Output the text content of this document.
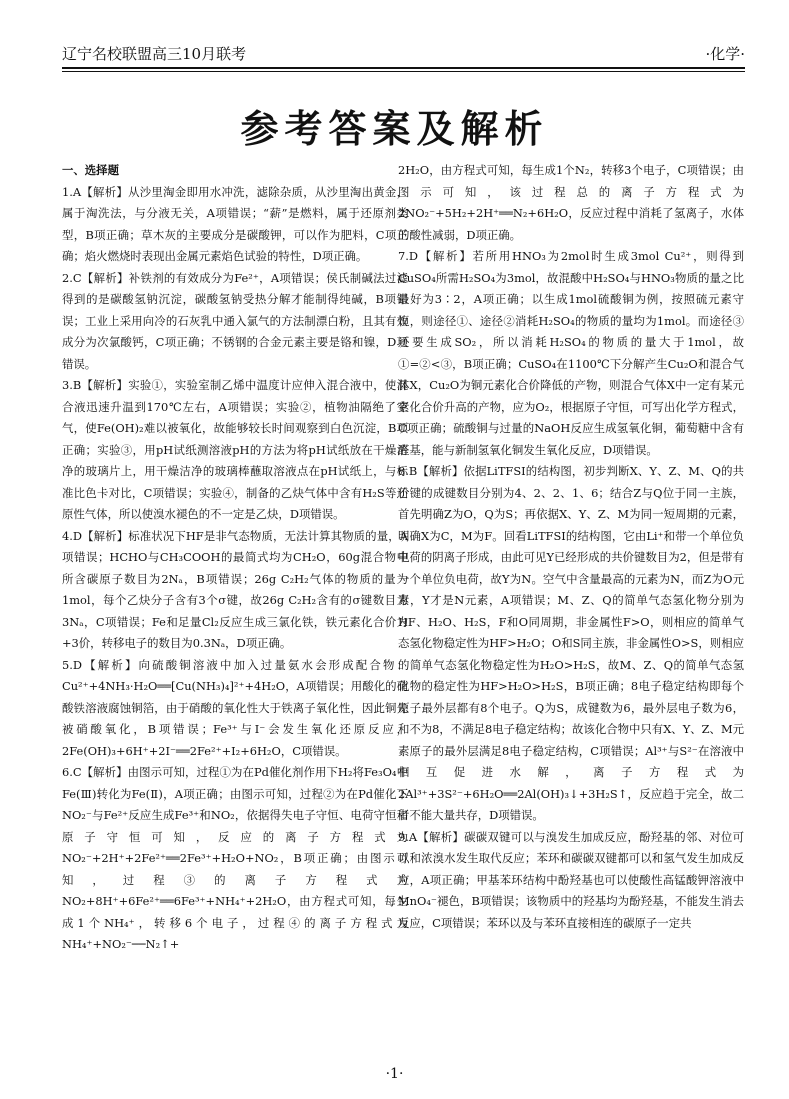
辽宁名校联盟高三10月联考	·化学·
参考答案及解析
一、选择题

1.A【解析】从沙里淘金即用水冲洗，滤除杂质，从沙里淘出黄金，属于淘洗法，与分液无关，A项错误；“薪”是燃料，属于还原剂类型，B项正确；草木灰的主要成分是碳酸钾，可以作为肥料，C项正确；焰火燃烧时表现出金属元素焰色试验的特性，D项正确。

2.C【解析】补铁剂的有效成分为Fe²⁺，A项错误；侯氏制碱法过滤得到的是碳酸氢钠沉淀，碳酸氢钠受热分解才能制得纯碱，B项错误；工业上采用向冷的石灰乳中通入氯气的方法制漂白粉，且其有效成分为次氯酸钙，C项正确；不锈钢的合金元素主要是铬和镍，D项错误。

3.B【解析】实验①，实验室制乙烯中温度计应伸入混合液中，使混合液迅速升温到170℃左右，A项错误；实验②，植物油隔绝了空气，使Fe(OH)₂难以被氧化，故能够较长时间观察到白色沉淀，B项正确；实验③，用pH试纸测溶液pH的方法为将pH试纸放在干燥洁净的玻璃片上，用干燥洁净的玻璃棒蘸取溶液点在pH试纸上，与标准比色卡对比，C项错误；实验④，制备的乙炔气体中含有H₂S等还原性气体，所以使溴水褪色的不一定是乙炔，D项错误。

4.D【解析】标准状况下HF是非气态物质，无法计算其物质的量，A项错误；HCHO与CH₃COOH的最简式均为CH₂O，60g混合物中所含碳原子数目为2Nₐ，B项错误；26g C₂H₂气体的物质的量为1mol，每个乙炔分子含有3个σ键，故26g C₂H₂含有的σ键数目为3Nₐ，C项错误；Fe和足量Cl₂反应生成三氯化铁，铁元素化合价为+3价，转移电子的数目为0.3Nₐ，D项正确。

5.D【解析】向硫酸铜溶液中加入过量氨水会形成配合物：Cu²⁺+4NH₃·H₂O══[Cu(NH₃)₄]²⁺+4H₂O，A项错误；用酸化的硝酸铁溶液腐蚀铜箔，由于硝酸的氧化性大于铁离子氧化性，因此铜先被硝酸氧化，B项错误；Fe³⁺与I⁻会发生氧化还原反应，2Fe(OH)₃+6H⁺+2I⁻══2Fe²⁺+I₂+6H₂O，C项错误。

6.C【解析】由图示可知，过程①为在Pd催化剂作用下H₂将Fe₃O₄中Fe(Ⅲ)转化为Fe(Ⅱ)，A项正确；由图示可知，过程②为在Pd催化下NO₂⁻与Fe²⁺反应生成Fe³⁺和NO₂，依据得失电子守恒、电荷守恒和原子守恒可知，反应的离子方程式为NO₂⁻+2H⁺+2Fe²⁺══2Fe³⁺+H₂O+NO₂，B项正确；由图示可知，过程③的离子方程式为NO₂+8H⁺+6Fe²⁺══6Fe³⁺+NH₄⁺+2H₂O，由方程式可知，每生成1个NH₄⁺，转移6个电子，过程④的离子方程式为NH₄⁺+NO₂⁻──N₂↑+

2H₂O，由方程式可知，每生成1个N₂，转移3个电子，C项错误；由图示可知，该过程总的离子方程式为2NO₂⁻+5H₂+2H⁺══N₂+6H₂O，反应过程中消耗了氢离子，水体的酸性减弱，D项正确。

7.D【解析】若所用HNO₃为2mol时生成3mol Cu²⁺，则得到CuSO₄所需H₂SO₄为3mol，故混酸中H₂SO₄与HNO₃物质的量之比最好为3∶2，A项正确；以生成1mol硫酸铜为例，按照硫元素守恒，则途径①、途径②消耗H₂SO₄的物质的量均为1mol。而途径③还要生成SO₂，所以消耗H₂SO₄的物质的量大于1mol，故①=②<③，B项正确；CuSO₄在1100℃下分解产生Cu₂O和混合气体X，Cu₂O为铜元素化合价降低的产物，则混合气体X中一定有某元素化合价升高的产物，应为O₂，根据原子守恒，可写出化学方程式，C项正确；硫酸铜与过量的NaOH反应生成氢氧化铜，葡萄糖中含有醛基，能与新制氢氧化铜发生氧化反应，D项错误。

8.B【解析】依据LiTFSI的结构图，初步判断X、Y、Z、M、Q的共价键的成键数目分别为4、2、2、1、6；结合Z与Q位于同一主族，首先明确Z为O，Q为S；再依据X、Y、Z、M为同一短周期的元素，明确X为C，M为F。回看LiTFSI的结构图，它由Li⁺和带一个单位负电荷的阴离子形成，由此可见Y已经形成的共价键数目为2，但是带有一个单位负电荷，故Y为N。空气中含量最高的元素为N，而Z为O元素，Y才是N元素，A项错误；M、Z、Q的简单气态氢化物分别为HF、H₂O、H₂S，F和O同周期，非金属性F>O，则相应的简单气态氢化物稳定性为HF>H₂O；O和S同主族，非金属性O>S，则相应的简单气态氢化物稳定性为H₂O>H₂S，故M、Z、Q的简单气态氢化物的稳定性为HF>H₂O>H₂S，B项正确；8电子稳定结构即每个原子最外层都有8个电子。Q为S，成键数为6，最外层电子数为6，和不为8，不满足8电子稳定结构；故该化合物中只有X、Y、Z、M元素原子的最外层满足8电子稳定结构，C项错误；Al³⁺与S²⁻在溶液中相互促进水解，离子方程式为2Al³⁺+3S²⁻+6H₂O══2Al(OH)₃↓+3H₂S↑，反应趋于完全，故二者不能大量共存，D项错误。

9.A【解析】碳碳双键可以与溴发生加成反应，酚羟基的邻、对位可以和浓溴水发生取代反应；苯环和碳碳双键都可以和氢气发生加成反应，A项正确；甲基苯环结构中酚羟基也可以使酸性高锰酸钾溶液中MnO₄⁻褪色，B项错误；该物质中的羟基均为酚羟基，不能发生消去反应，C项错误；苯环以及与苯环直接相连的碳原子一定共

·1·
